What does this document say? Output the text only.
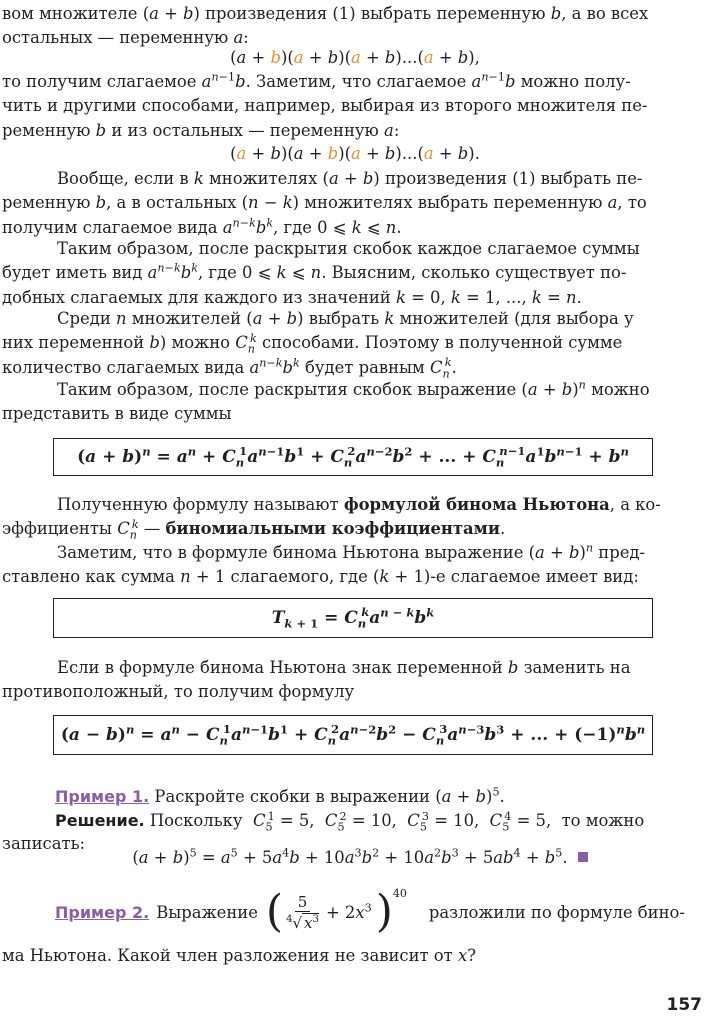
вом множителе (a + b) произведения (1) выбрать переменную b, а во всех
остальных — переменную a:
(a + b)(a + b)(a + b)...(a + b),
то получим слагаемое $a^{n-1}b$. Заметим, что слагаемое $a^{n-1}b$ можно полу-
чить и другими способами, например, выбирая из второго множителя пе-
ременную b и из остальных — переменную a:
(a + b)(a + b)(a + b)...(a + b).
Вообще, если в k множителях (a + b) произведения (1) выбрать пе-
ременную b, а в остальных (n − k) множителях выбрать переменную a, то
получим слагаемое вида $a^{n-k}b^k$, где 0 ⩽ k ⩽ n.
Таким образом, после раскрытия скобок каждое слагаемое суммы
будет иметь вид $a^{n-k}b^k$, где 0 ⩽ k ⩽ n. Выясним, сколько существует по-
добных слагаемых для каждого из значений k = 0, k = 1, ..., k = n.
Среди n множителей (a + b) выбрать k множителей (для выбора у
них переменной b) можно $C_n^k$ способами. Поэтому в полученной сумме
количество слагаемых вида $a^{n-k}b^k$ будет равным $C_n^k$.
Таким образом, после раскрытия скобок выражение $(a + b)^n$ можно
представить в виде суммы
$(a + b)^n = a^n + C_n^1a^{n-1}b^1 + C_n^2a^{n-2}b^2$ + ... + $C_n^{n-1}a^1b^{n-1} + b^n$
Полученную формулу называют формулой бинома Ньютона, а ко-
эффициенты $C_n^k$ — биномиальными коэффициентами.
Заметим, что в формуле бинома Ньютона выражение $(a + b)^n$ пред-
ставлено как сумма n + 1 слагаемого, где (k + 1)-е слагаемое имеет вид:
$T_{k + 1} = C_n^ka^{n - k}b^k$
Если в формуле бинома Ньютона знак переменной b заменить на
противоположный, то получим формулу
$(a - b)^n = a^n - C_n^1a^{n-1}b^1 + C_n^2a^{n-2}b^2 - C_n^3a^{n-3}b^3$ + ... + $(-1)^nb^n$
Пример 1. Раскройте скобки в выражении $(a + b)^5$.
Решение. Поскольку  $C_5^1 = 5$,  $C_5^2 = 10$,  $C_5^3 = 10$,  $C_5^4 = 5$,  то можно
записать:
$(a + b)^5 = a^5 + 5a^4b + 10a^3b^2 + 10a^2b^3 + 5ab^4 + b^5$.
Пример 2. Выражение ( $\frac{5}{^4√ x^3} + 2x^3$ )$^{40}$
разложили по формуле бино-
ма Ньютона. Какой член разложения не зависит от x?
157
